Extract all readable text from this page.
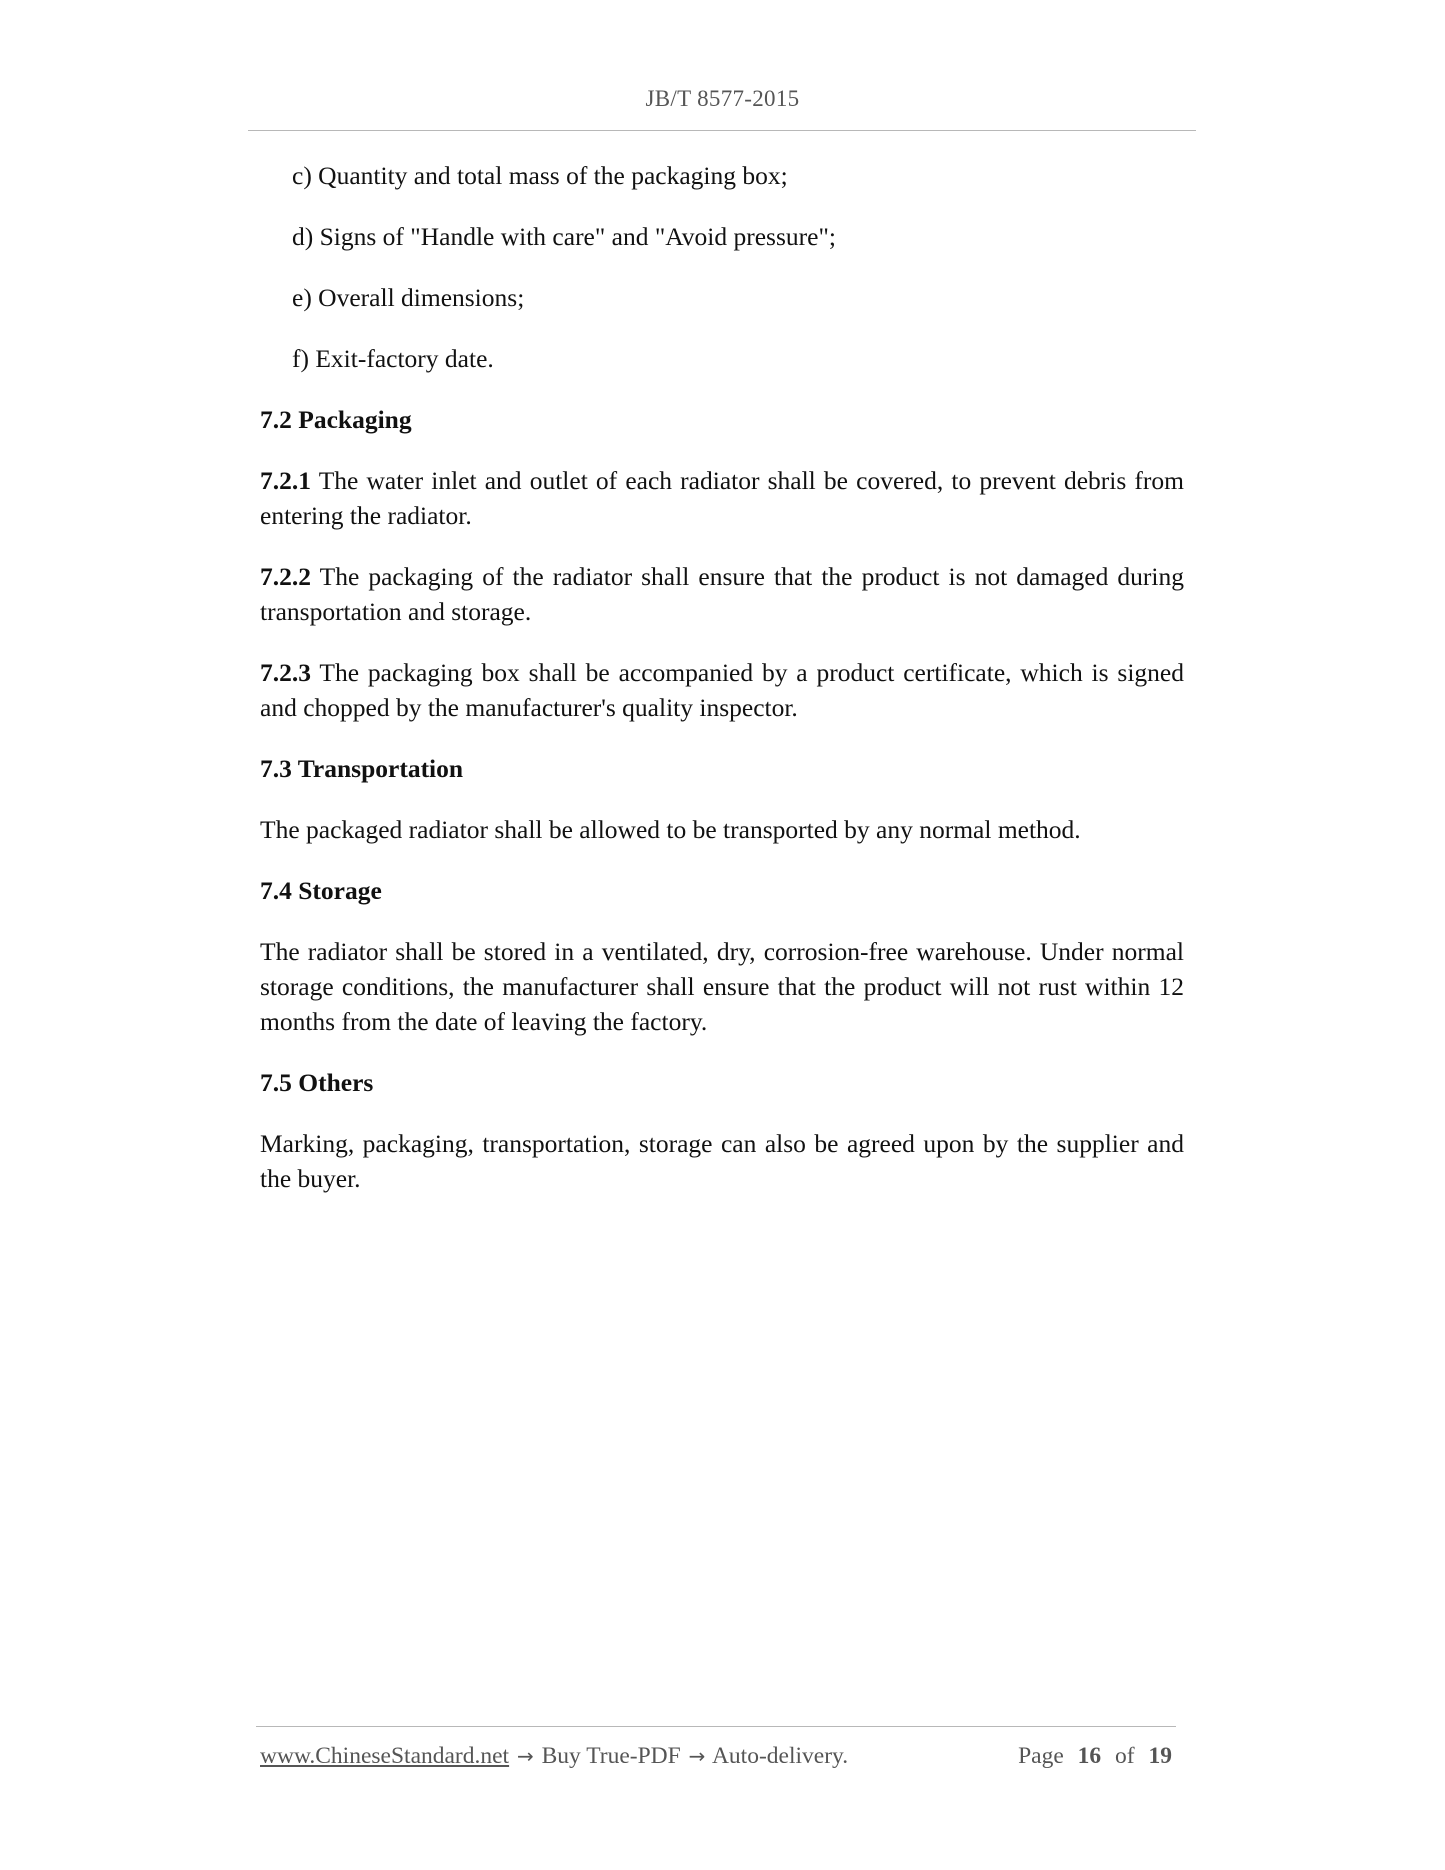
JB/T 8577-2015
c) Quantity and total mass of the packaging box;
d) Signs of "Handle with care" and "Avoid pressure";
e) Overall dimensions;
f) Exit-factory date.
7.2 Packaging
7.2.1 The water inlet and outlet of each radiator shall be covered, to prevent debris from entering the radiator.
7.2.2 The packaging of the radiator shall ensure that the product is not damaged during transportation and storage.
7.2.3 The packaging box shall be accompanied by a product certificate, which is signed and chopped by the manufacturer's quality inspector.
7.3 Transportation
The packaged radiator shall be allowed to be transported by any normal method.
7.4 Storage
The radiator shall be stored in a ventilated, dry, corrosion-free warehouse. Under normal storage conditions, the manufacturer shall ensure that the product will not rust within 12 months from the date of leaving the factory.
7.5 Others
Marking, packaging, transportation, storage can also be agreed upon by the supplier and the buyer.
www.ChineseStandard.net → Buy True-PDF → Auto-delivery.	Page 16 of 19
